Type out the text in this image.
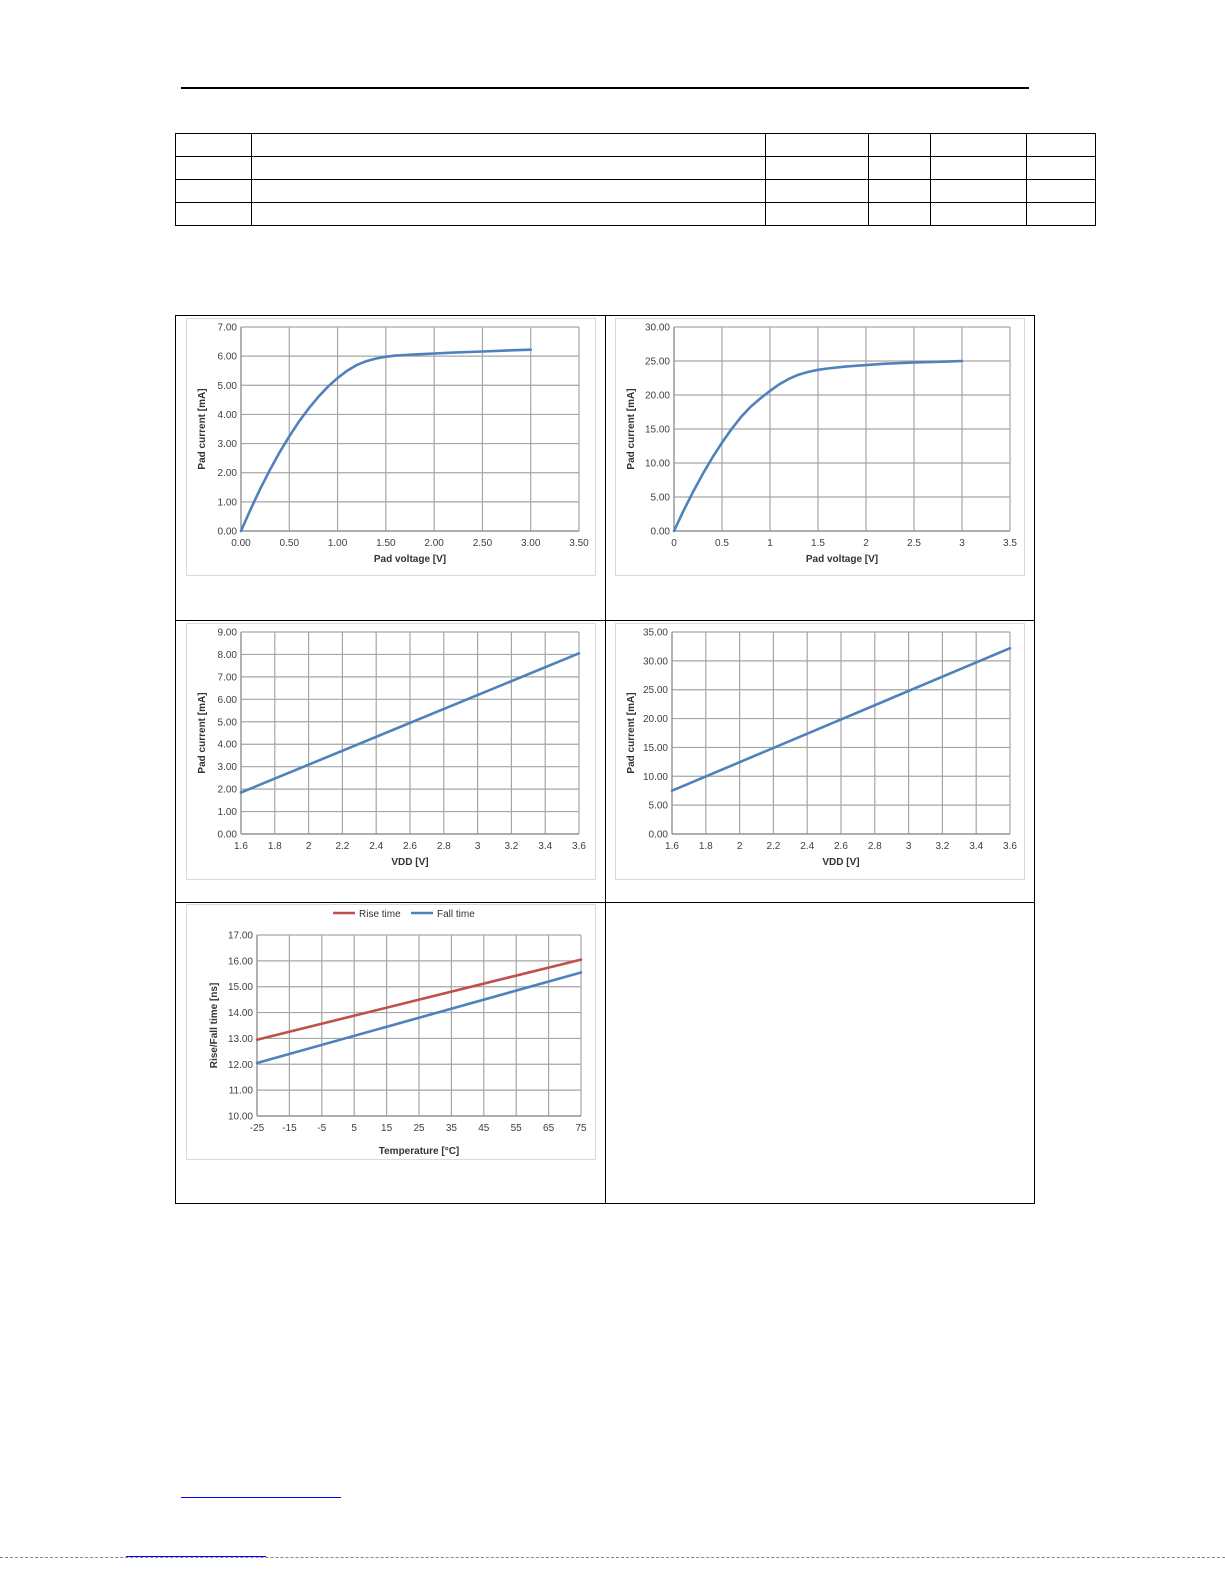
0.00
1.00
2.00
3.00
4.00
5.00
6.00
7.00
0.00	0.50	1.00	1.50	2.00	2.50	3.00	3.50
Pad voltage [V]
Pad current [mA]
0.00
5.00
10.00
15.00
20.00
25.00
30.00
0	0.5	1	1.5	2	2.5	3	3.5
Pad voltage [V]
Pad current [mA]
0.00
1.00
2.00
3.00
4.00
5.00
6.00
7.00
8.00
9.00
1.6 1.8 2 2.2 2.4 2.6 2.8 3 3.2 3.4 3.6
VDD [V]
Pad current [mA]
0.00
5.00
10.00
15.00
20.00
25.00
30.00
35.00
1.6 1.8 2 2.2 2.4 2.6 2.8 3 3.2 3.4 3.6
VDD [V]
Pad current [mA]
10.00
11.00
12.00
13.00
14.00
15.00
16.00
17.00
-25 -15 -5	5 15 25 35 45 55 65 75
Temperature [°C]
Rise/Fall time [ns]
Rise time	Fall time
